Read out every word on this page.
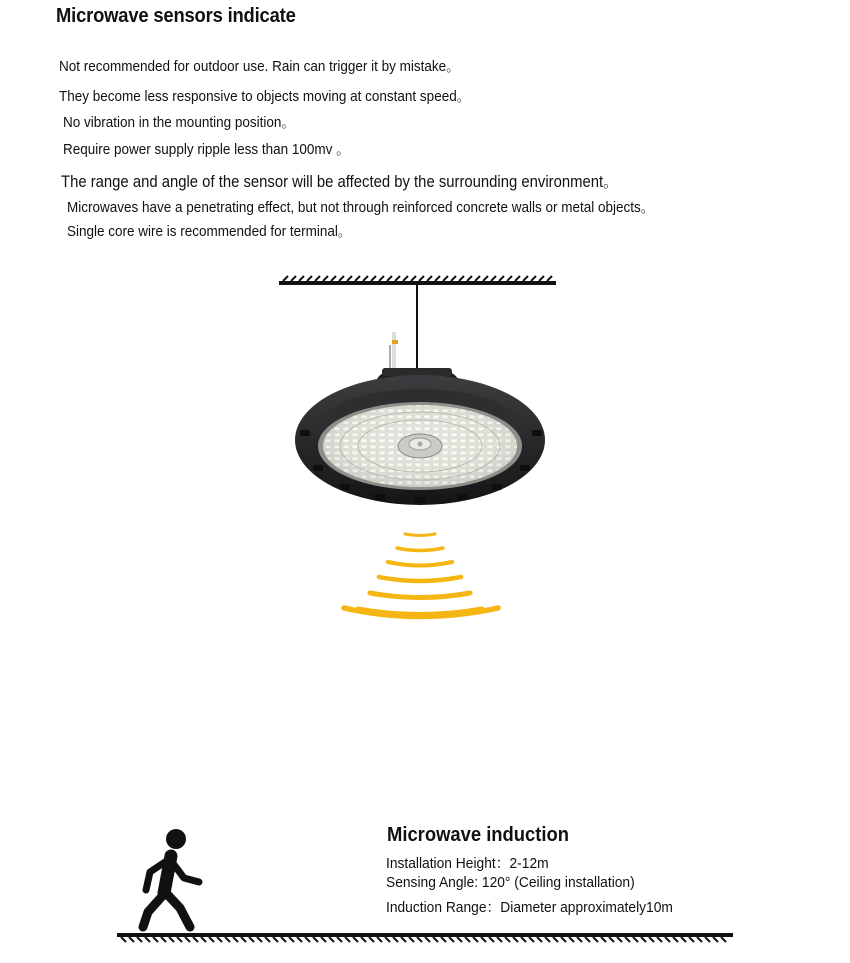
Microwave sensors indicate
Not recommended for outdoor use. Rain can trigger it by mistake。
They become less responsive to objects moving at constant speed。
No vibration in the mounting position。
Require power supply ripple less than 100mv 。
The range and angle of the sensor will be affected by the surrounding environment。
Microwaves have a penetrating effect, but not through reinforced concrete walls or metal objects。
Single core wire is recommended for terminal。
Microwave induction
Installation Height：2-12m
Sensing Angle: 120° (Ceiling installation)
Induction Range：Diameter approximately10m
